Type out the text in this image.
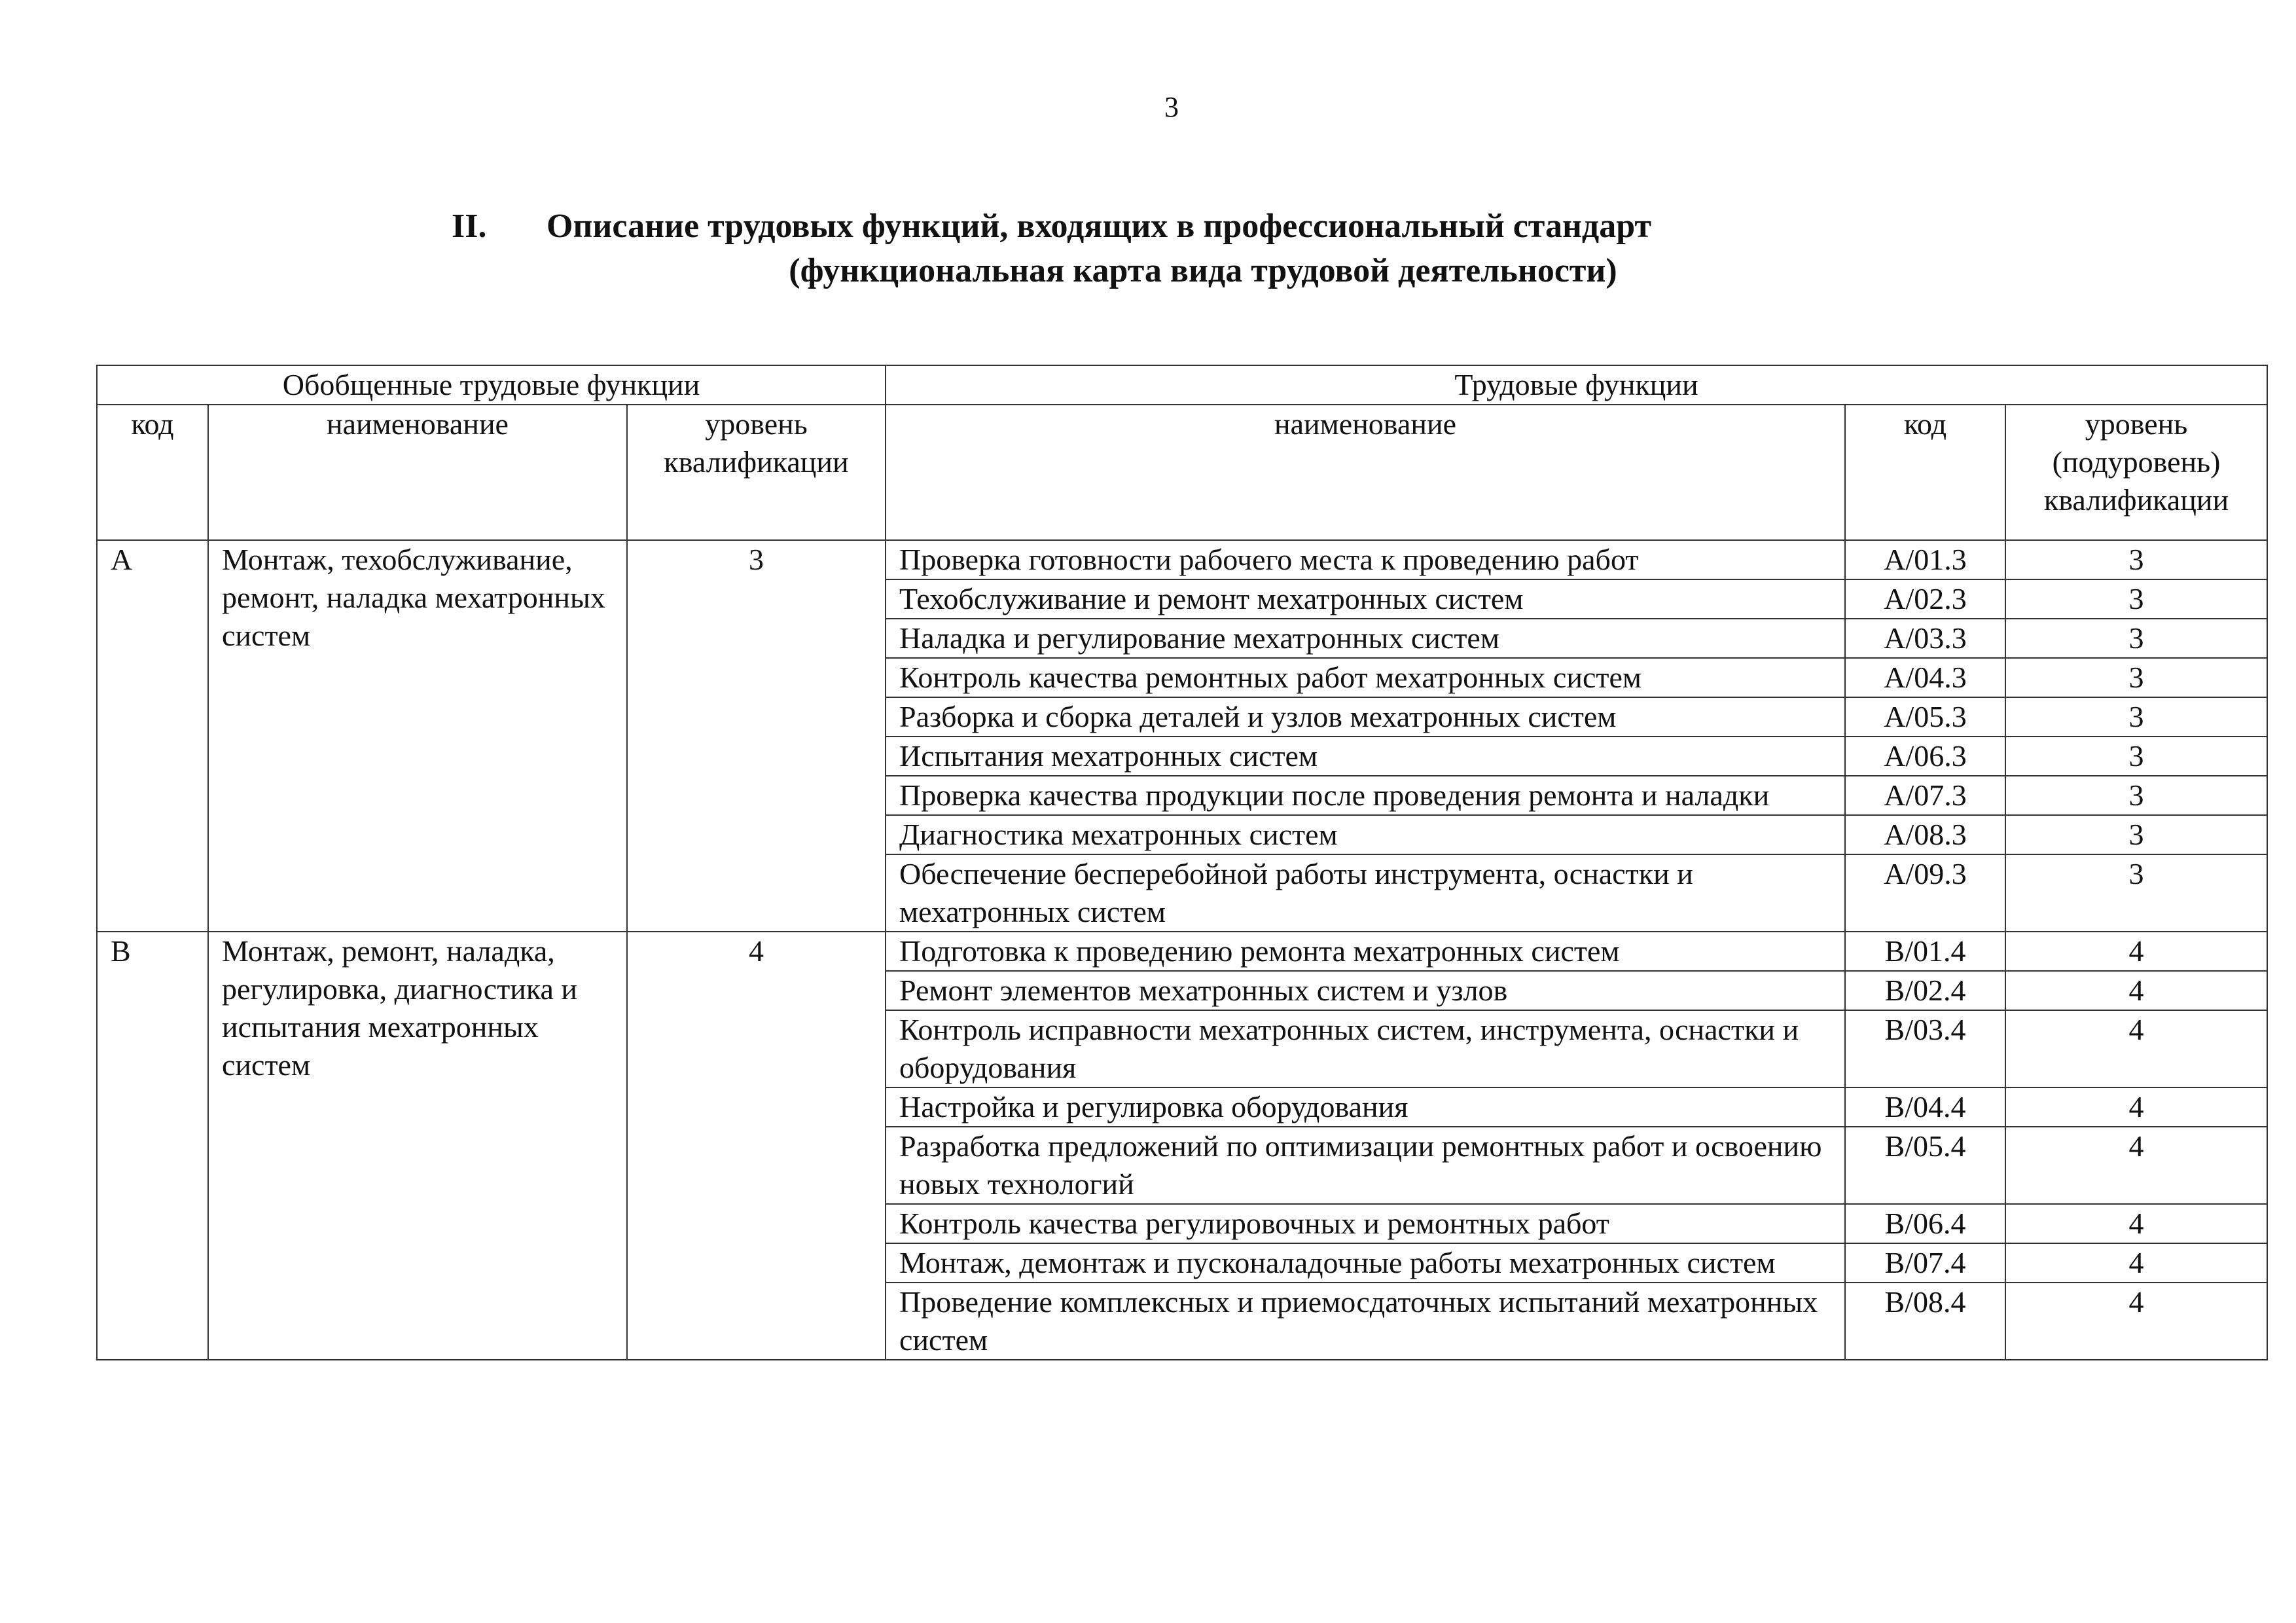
3
II. Описание трудовых функций, входящих в профессиональный стандарт
(функциональная карта вида трудовой деятельности)
Обобщенные трудовые функции			Трудовые функции		
код	наименование	уровень квалификации	наименование	код	уровень (подуровень) квалификации
A	Монтаж, техобслуживание, ремонт, наладка мехатронных систем	3	Проверка готовности рабочего места к проведению работ	A/01.3	3
			Техобслуживание и ремонт мехатронных систем	A/02.3	3
			Наладка и регулирование мехатронных систем	A/03.3	3
			Контроль качества ремонтных работ мехатронных систем	A/04.3	3
			Разборка и сборка деталей и узлов мехатронных систем	A/05.3	3
			Испытания мехатронных систем	A/06.3	3
			Проверка качества продукции после проведения ремонта и наладки	A/07.3	3
			Диагностика мехатронных систем	A/08.3	3
			Обеспечение бесперебойной работы инструмента, оснастки и мехатронных систем	A/09.3	3
B	Монтаж, ремонт, наладка, регулировка, диагностика и испытания мехатронных систем	4	Подготовка к проведению ремонта мехатронных систем	B/01.4	4
			Ремонт элементов мехатронных систем и узлов	B/02.4	4
			Контроль исправности мехатронных систем, инструмента, оснастки и оборудования	B/03.4	4
			Настройка и регулировка оборудования	B/04.4	4
			Разработка предложений по оптимизации ремонтных работ и освоению новых технологий	B/05.4	4
			Контроль качества регулировочных и ремонтных работ	B/06.4	4
			Монтаж, демонтаж и пусконаладочные работы мехатронных систем	B/07.4	4
			Проведение комплексных и приемосдаточных испытаний мехатронных систем	B/08.4	4
